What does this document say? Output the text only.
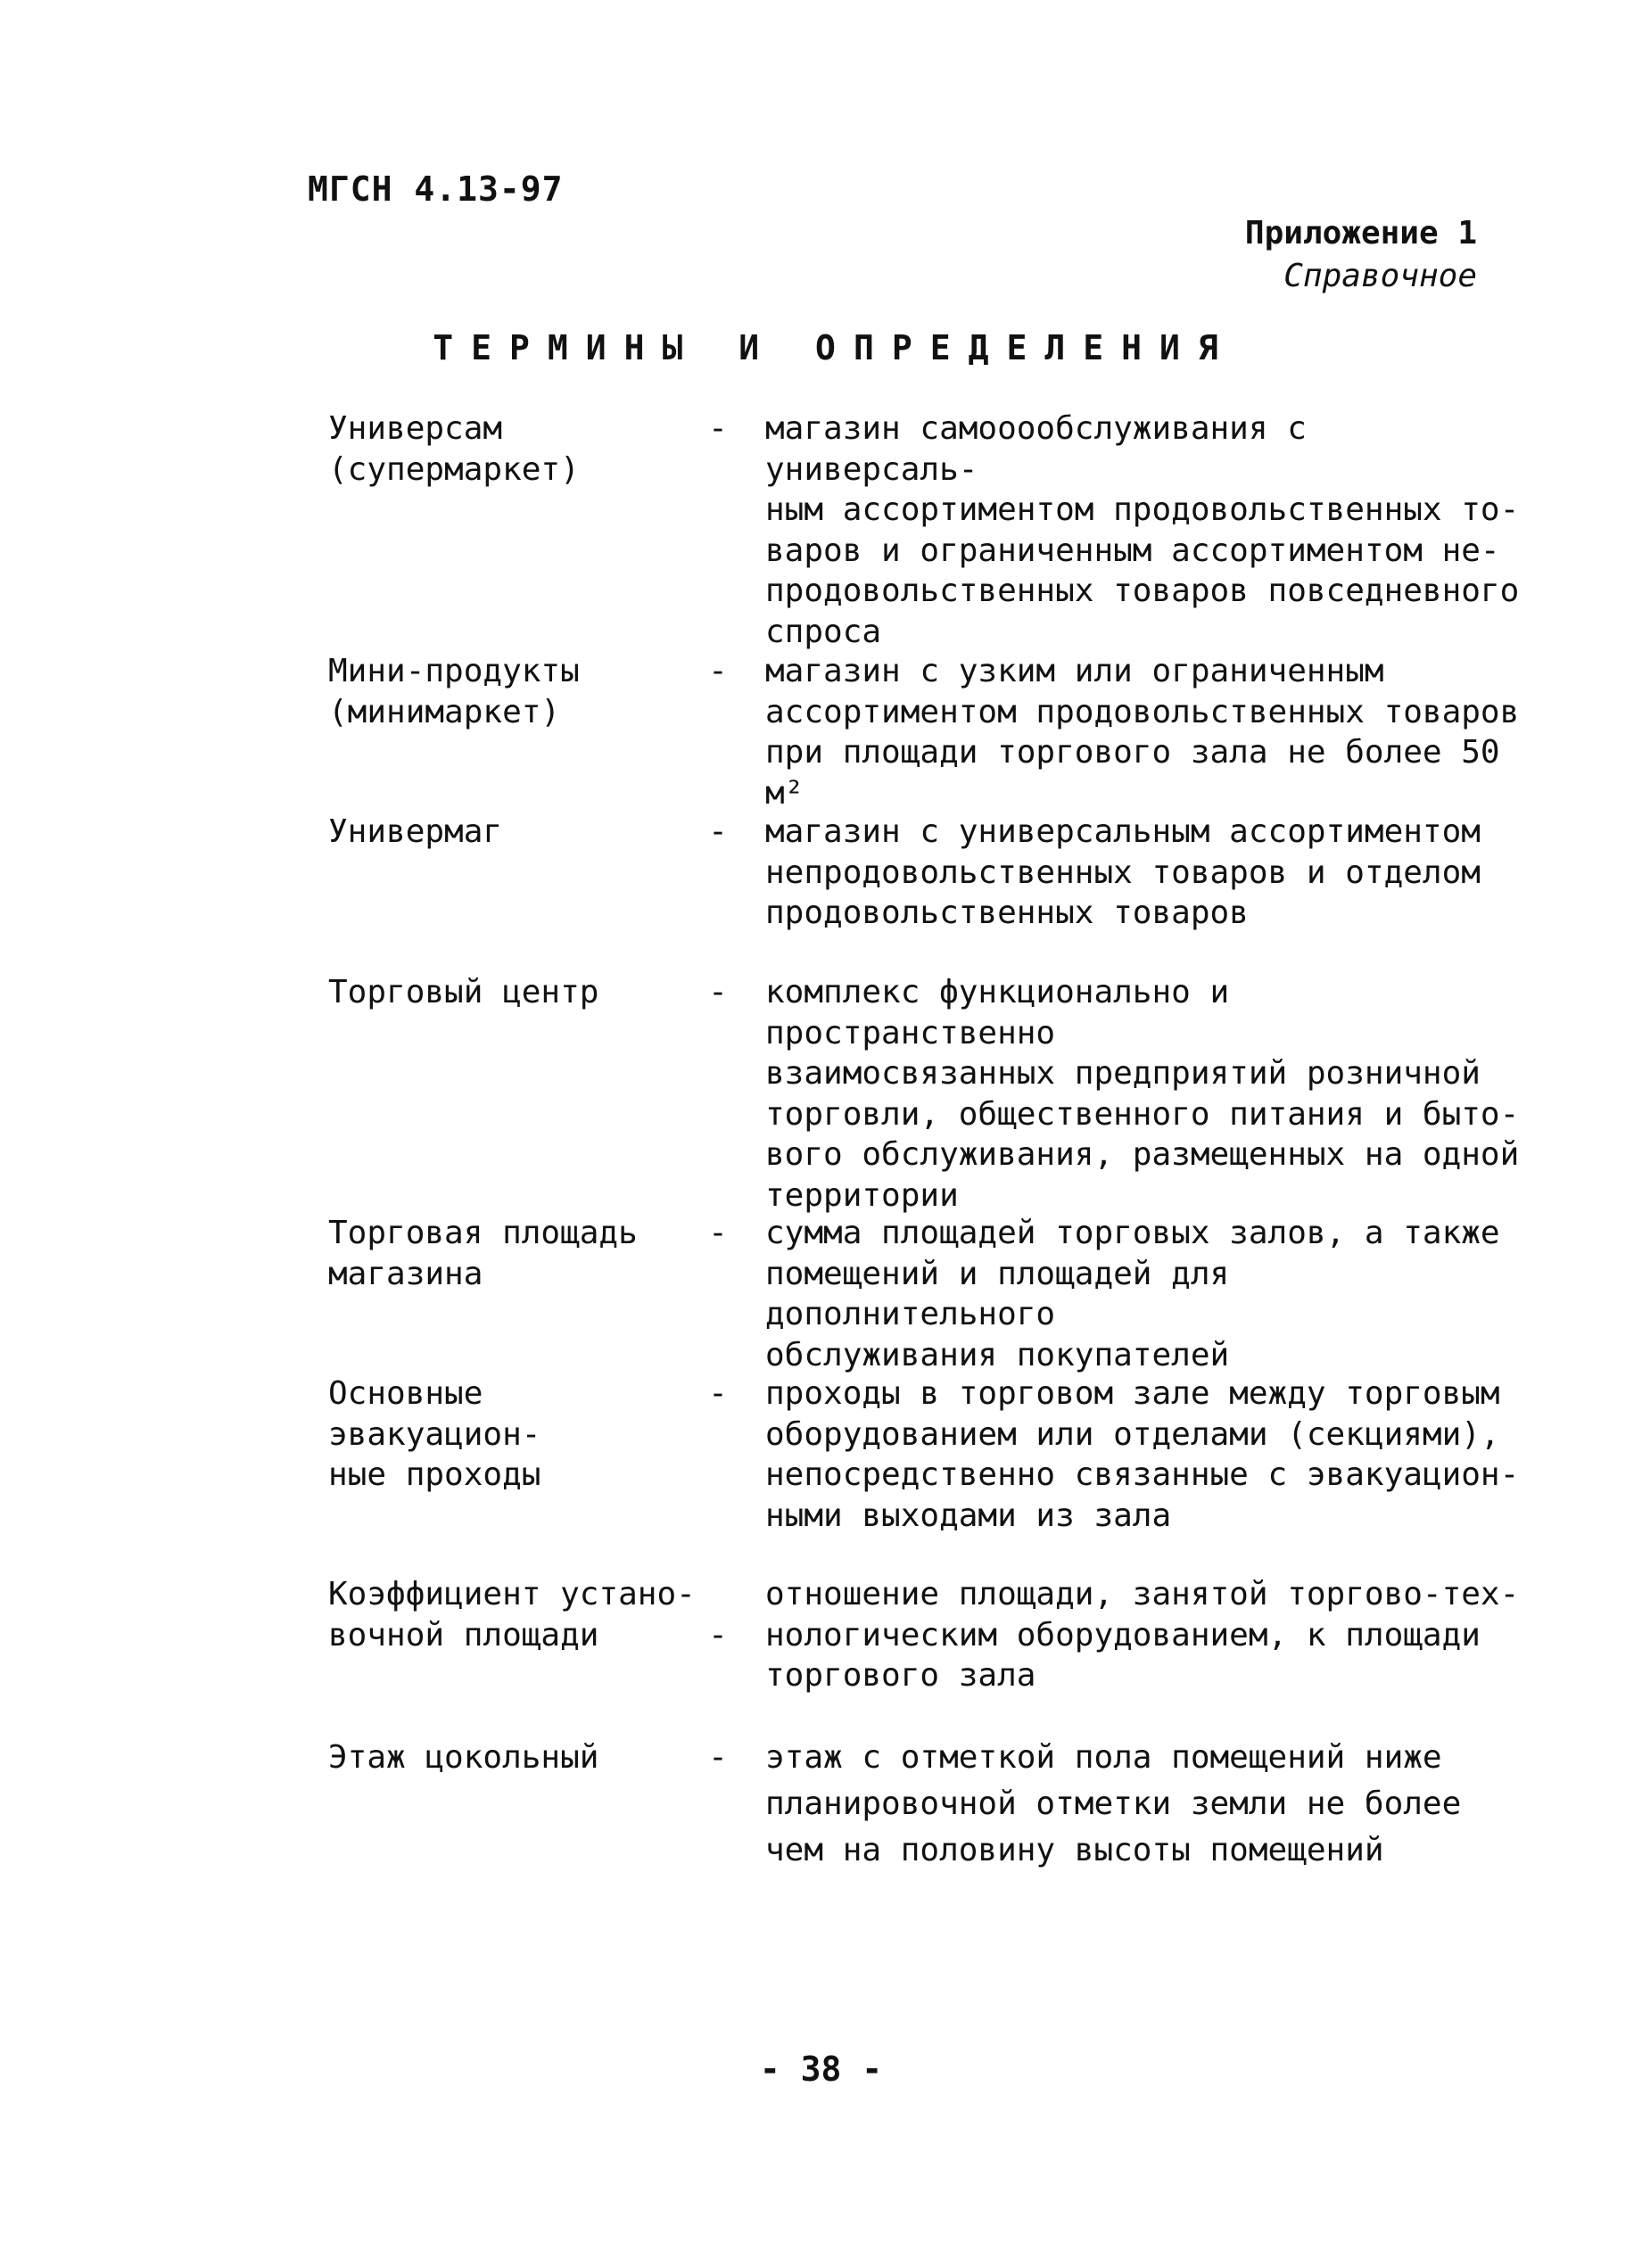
МГСН 4.13-97
Приложение 1
Справочное
ТЕРМИНЫ И ОПРЕДЕЛЕНИЯ
Универсам
(супермаркет)
- магазин самооообслуживания с универсаль-
ным ассортиментом продовольственных то-
варов и ограниченным ассортиментом не-
продовольственных товаров повседневного
спроса
Мини-продукты
(минимаркет)
- магазин с узким или ограниченным
ассортиментом продовольственных товаров
при площади торгового зала не более 50 м²
Универмаг	- магазин с универсальным ассортиментом
непродовольственных товаров и отделом
продовольственных товаров
Торговый центр	- комплекс функционально и пространственно
взаимосвязанных предприятий розничной
торговли, общественного питания и быто-
вого обслуживания, размещенных на одной
территории
Торговая площадь
магазина
- сумма площадей торговых залов, а также
помещений и площадей для дополнительного
обслуживания покупателей
Основные эвакуацион-
ные проходы
- проходы в торговом зале между торговым
оборудованием или отделами (секциями),
непосредственно связанные с эвакуацион-
ными выходами из зала
Коэффициент устано-
вочной площади	-
отношение площади, занятой торгово-тех-
нологическим оборудованием, к площади
торгового зала
Этаж цокольный	- этаж с отметкой пола помещений ниже
планировочной отметки земли не более
чем на половину высоты помещений
- 38 -
